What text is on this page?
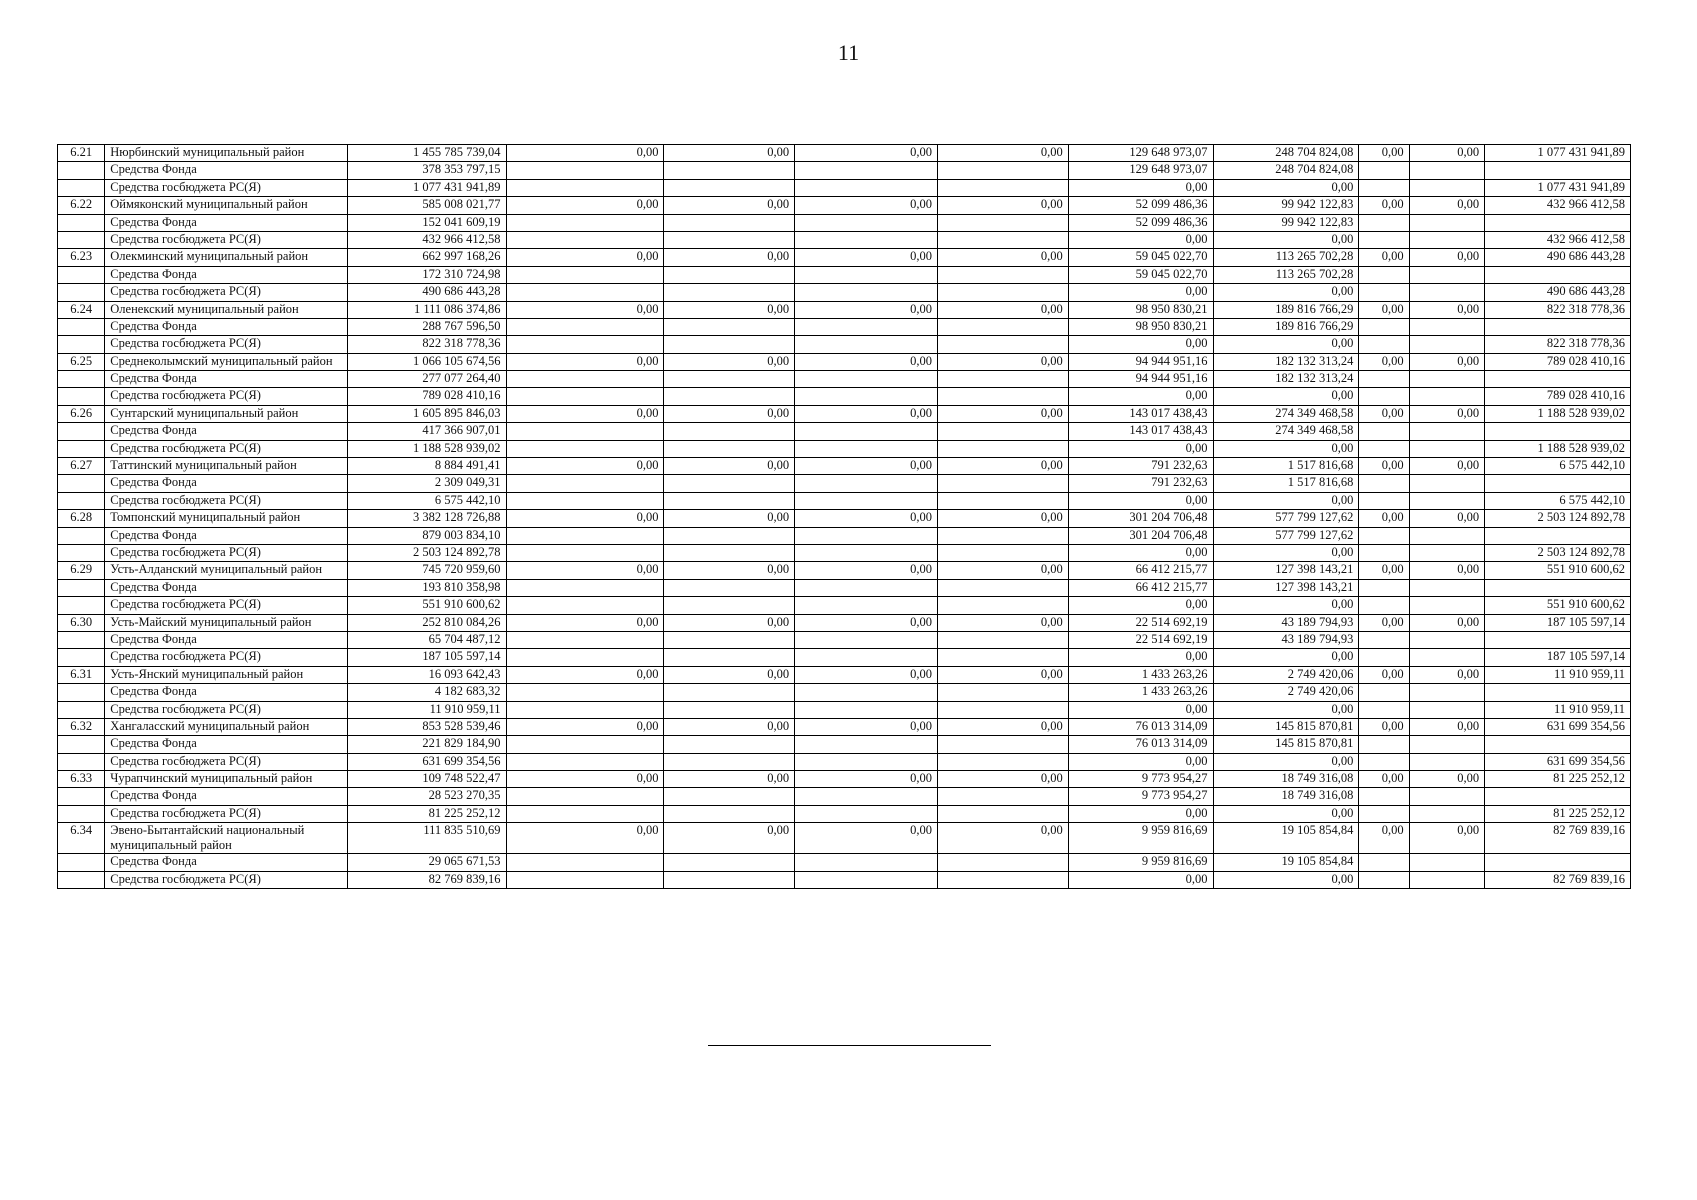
11
6.21	Нюрбинский муниципальный район	1 455 785 739,04	0,00	0,00	0,00	0,00	129 648 973,07	248 704 824,08	0,00	0,00	1 077 431 941,89
	Средства Фонда	378 353 797,15					129 648 973,07	248 704 824,08			
	Средства госбюджета РС(Я)	1 077 431 941,89					0,00	0,00			1 077 431 941,89
6.22	Оймяконский муниципальный район	585 008 021,77	0,00	0,00	0,00	0,00	52 099 486,36	99 942 122,83	0,00	0,00	432 966 412,58
	Средства Фонда	152 041 609,19					52 099 486,36	99 942 122,83			
	Средства госбюджета РС(Я)	432 966 412,58					0,00	0,00			432 966 412,58
6.23	Олекминский муниципальный район	662 997 168,26	0,00	0,00	0,00	0,00	59 045 022,70	113 265 702,28	0,00	0,00	490 686 443,28
	Средства Фонда	172 310 724,98					59 045 022,70	113 265 702,28			
	Средства госбюджета РС(Я)	490 686 443,28					0,00	0,00			490 686 443,28
6.24	Оленекский муниципальный район	1 111 086 374,86	0,00	0,00	0,00	0,00	98 950 830,21	189 816 766,29	0,00	0,00	822 318 778,36
	Средства Фонда	288 767 596,50					98 950 830,21	189 816 766,29			
	Средства госбюджета РС(Я)	822 318 778,36					0,00	0,00			822 318 778,36
6.25	Среднеколымский муниципальный район	1 066 105 674,56	0,00	0,00	0,00	0,00	94 944 951,16	182 132 313,24	0,00	0,00	789 028 410,16
	Средства Фонда	277 077 264,40					94 944 951,16	182 132 313,24			
	Средства госбюджета РС(Я)	789 028 410,16					0,00	0,00			789 028 410,16
6.26	Сунтарский муниципальный район	1 605 895 846,03	0,00	0,00	0,00	0,00	143 017 438,43	274 349 468,58	0,00	0,00	1 188 528 939,02
	Средства Фонда	417 366 907,01					143 017 438,43	274 349 468,58			
	Средства госбюджета РС(Я)	1 188 528 939,02					0,00	0,00			1 188 528 939,02
6.27	Таттинский муниципальный район	8 884 491,41	0,00	0,00	0,00	0,00	791 232,63	1 517 816,68	0,00	0,00	6 575 442,10
	Средства Фонда	2 309 049,31					791 232,63	1 517 816,68			
	Средства госбюджета РС(Я)	6 575 442,10					0,00	0,00			6 575 442,10
6.28	Томпонский муниципальный район	3 382 128 726,88	0,00	0,00	0,00	0,00	301 204 706,48	577 799 127,62	0,00	0,00	2 503 124 892,78
	Средства Фонда	879 003 834,10					301 204 706,48	577 799 127,62			
	Средства госбюджета РС(Я)	2 503 124 892,78					0,00	0,00			2 503 124 892,78
6.29	Усть-Алданский муниципальный район	745 720 959,60	0,00	0,00	0,00	0,00	66 412 215,77	127 398 143,21	0,00	0,00	551 910 600,62
	Средства Фонда	193 810 358,98					66 412 215,77	127 398 143,21			
	Средства госбюджета РС(Я)	551 910 600,62					0,00	0,00			551 910 600,62
6.30	Усть-Майский муниципальный район	252 810 084,26	0,00	0,00	0,00	0,00	22 514 692,19	43 189 794,93	0,00	0,00	187 105 597,14
	Средства Фонда	65 704 487,12					22 514 692,19	43 189 794,93			
	Средства госбюджета РС(Я)	187 105 597,14					0,00	0,00			187 105 597,14
6.31	Усть-Янский муниципальный район	16 093 642,43	0,00	0,00	0,00	0,00	1 433 263,26	2 749 420,06	0,00	0,00	11 910 959,11
	Средства Фонда	4 182 683,32					1 433 263,26	2 749 420,06			
	Средства госбюджета РС(Я)	11 910 959,11					0,00	0,00			11 910 959,11
6.32	Хангаласский муниципальный район	853 528 539,46	0,00	0,00	0,00	0,00	76 013 314,09	145 815 870,81	0,00	0,00	631 699 354,56
	Средства Фонда	221 829 184,90					76 013 314,09	145 815 870,81			
	Средства госбюджета РС(Я)	631 699 354,56					0,00	0,00			631 699 354,56
6.33	Чурапчинский муниципальный район	109 748 522,47	0,00	0,00	0,00	0,00	9 773 954,27	18 749 316,08	0,00	0,00	81 225 252,12
	Средства Фонда	28 523 270,35					9 773 954,27	18 749 316,08			
	Средства госбюджета РС(Я)	81 225 252,12					0,00	0,00			81 225 252,12
6.34	Эвено-Бытантайский национальный муниципальный район	111 835 510,69	0,00	0,00	0,00	0,00	9 959 816,69	19 105 854,84	0,00	0,00	82 769 839,16
	Средства Фонда	29 065 671,53					9 959 816,69	19 105 854,84			
	Средства госбюджета РС(Я)	82 769 839,16					0,00	0,00			82 769 839,16
